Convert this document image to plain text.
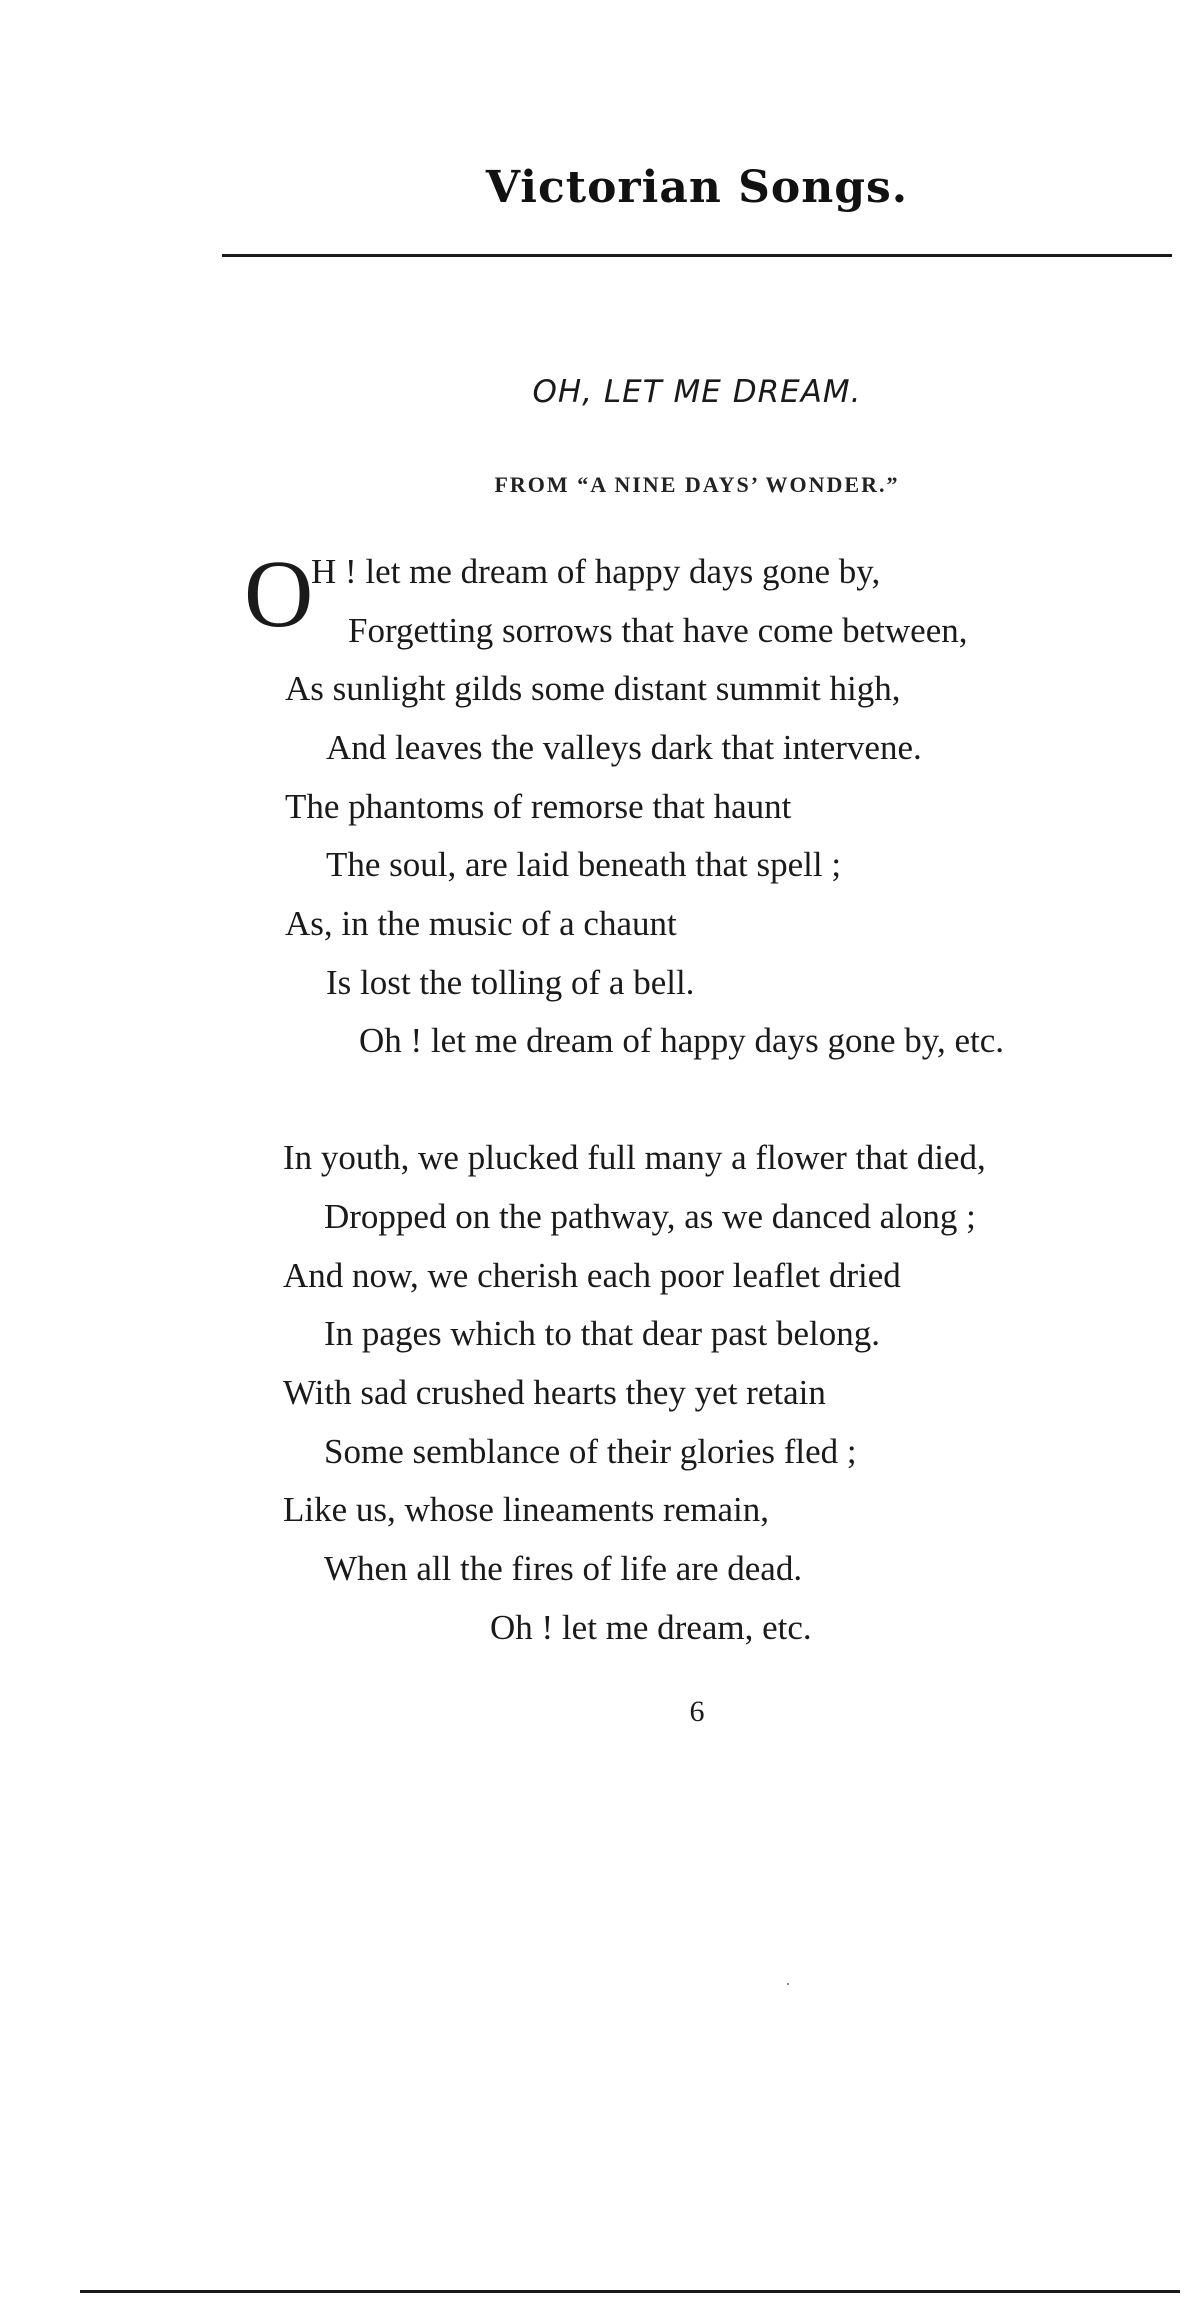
Victorian Songs.
OH, LET ME DREAM.
FROM “A NINE DAYS’ WONDER.”
O
H ! let me dream of happy days gone by,
Forgetting sorrows that have come between,
As sunlight gilds some distant summit high,
And leaves the valleys dark that intervene.
The phantoms of remorse that haunt
The soul, are laid beneath that spell ;
As, in the music of a chaunt
Is lost the tolling of a bell.
Oh ! let me dream of happy days gone by, etc.
In youth, we plucked full many a flower that died,
Dropped on the pathway, as we danced along ;
And now, we cherish each poor leaflet dried
In pages which to that dear past belong.
With sad crushed hearts they yet retain
Some semblance of their glories fled ;
Like us, whose lineaments remain,
When all the fires of life are dead.
Oh ! let me dream, etc.
6
